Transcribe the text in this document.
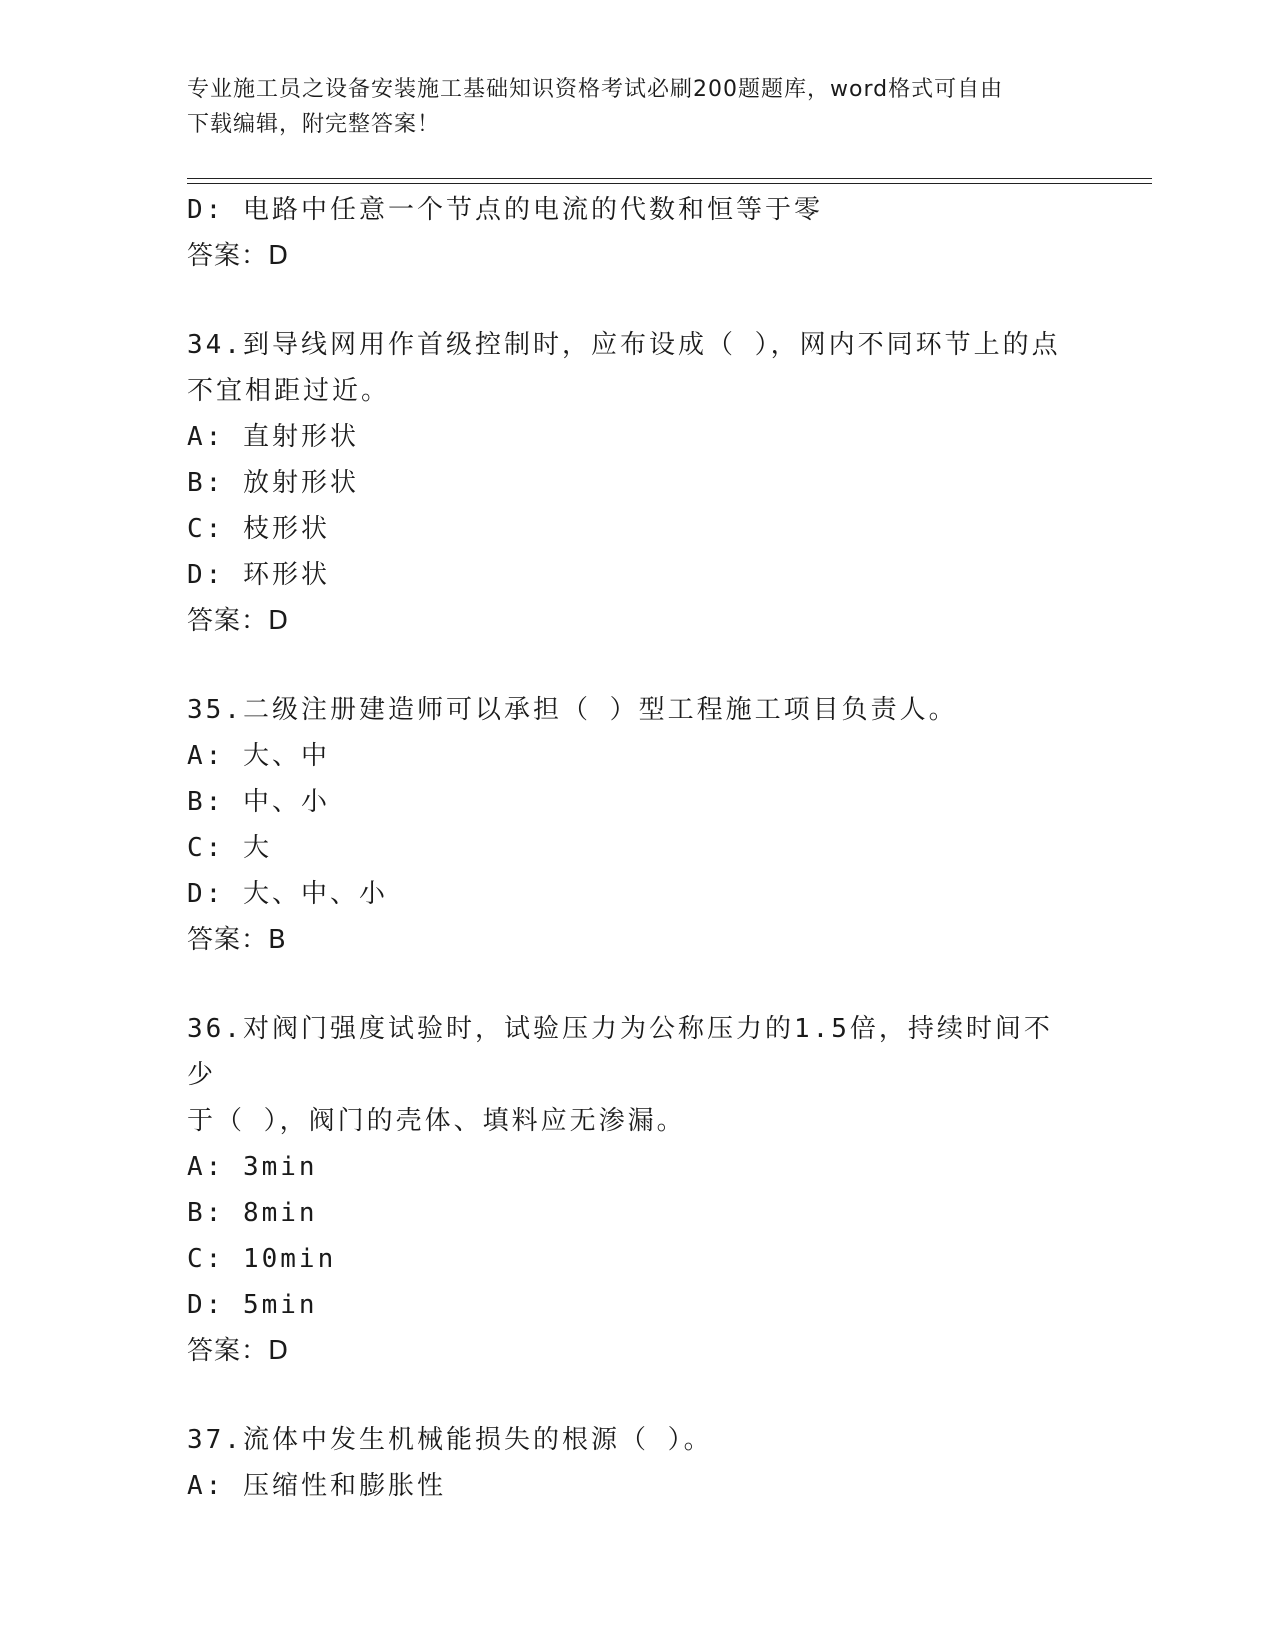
专业施工员之设备安装施工基础知识资格考试必刷200题题库，word格式可自由
下载编辑，附完整答案！
D: 电路中任意一个节点的电流的代数和恒等于零
答案：D
34.到导线网用作首级控制时，应布设成（ ），网内不同环节上的点
不宜相距过近。
A: 直射形状
B: 放射形状
C: 枝形状
D: 环形状
答案：D
35.二级注册建造师可以承担（ ）型工程施工项目负责人。
A: 大、中
B: 中、小
C: 大
D: 大、中、小
答案：B
36.对阀门强度试验时，试验压力为公称压力的1.5倍，持续时间不少
于（ ），阀门的壳体、填料应无渗漏。
A: 3min
B: 8min
C: 10min
D: 5min
答案：D
37.流体中发生机械能损失的根源（ ）。
A: 压缩性和膨胀性
